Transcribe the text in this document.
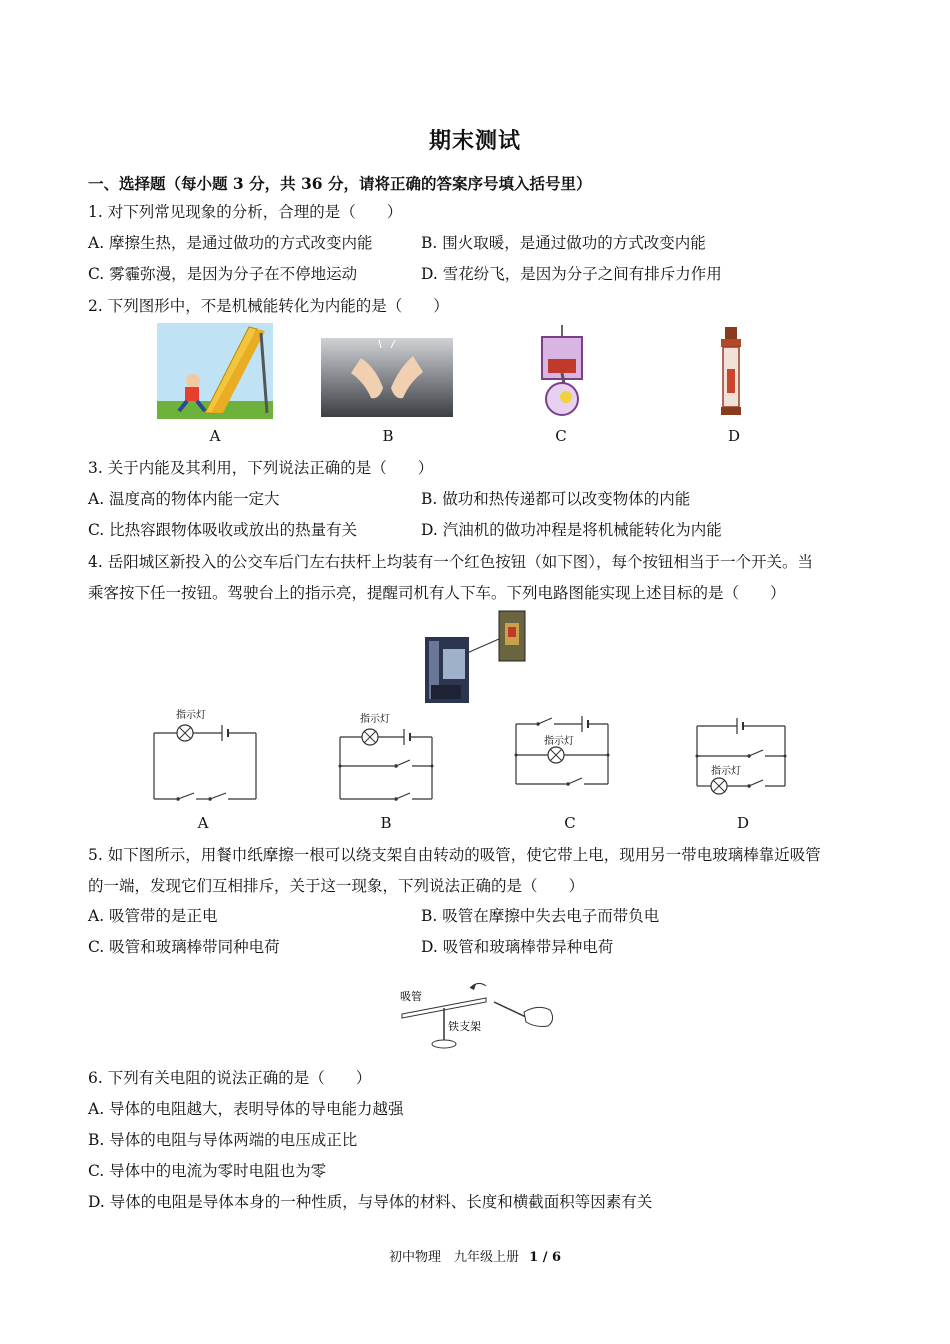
期末测试
一、选择题（每小题 3 分，共 36 分，请将正确的答案序号填入括号里）
1. 对下列常见现象的分析，合理的是（　　）
A. 摩擦生热，是通过做功的方式改变内能	B. 围火取暖，是通过做功的方式改变内能
C. 雾霾弥漫，是因为分子在不停地运动	D. 雪花纷飞，是因为分子之间有排斥力作用
2. 下列图形中，不是机械能转化为内能的是（　　）
A	B	C	D
3. 关于内能及其利用，下列说法正确的是（　　）
A. 温度高的物体内能一定大	B. 做功和热传递都可以改变物体的内能
C. 比热容跟物体吸收或放出的热量有关	D. 汽油机的做功冲程是将机械能转化为内能
4. 岳阳城区新投入的公交车后门左右扶杆上均装有一个红色按钮（如下图），每个按钮相当于一个开关。当
乘客按下任一按钮。驾驶台上的指示亮，提醒司机有人下车。下列电路图能实现上述目标的是（　　）
指示灯
A
指示灯
B
指示灯
C
指示灯
D
5. 如下图所示，用餐巾纸摩擦一根可以绕支架自由转动的吸管，使它带上电，现用另一带电玻璃棒靠近吸管
的一端，发现它们互相排斥，关于这一现象，下列说法正确的是（　　）
A. 吸管带的是正电	B. 吸管在摩擦中失去电子而带负电
C. 吸管和玻璃棒带同种电荷	D. 吸管和玻璃棒带异种电荷
吸管
铁支架
6. 下列有关电阻的说法正确的是（　　）
A. 导体的电阻越大，表明导体的导电能力越强
B. 导体的电阻与导体两端的电压成正比
C. 导体中的电流为零时电阻也为零
D. 导体的电阻是导体本身的一种性质，与导体的材料、长度和横截面积等因素有关
初中物理　九年级上册 1 / 6
